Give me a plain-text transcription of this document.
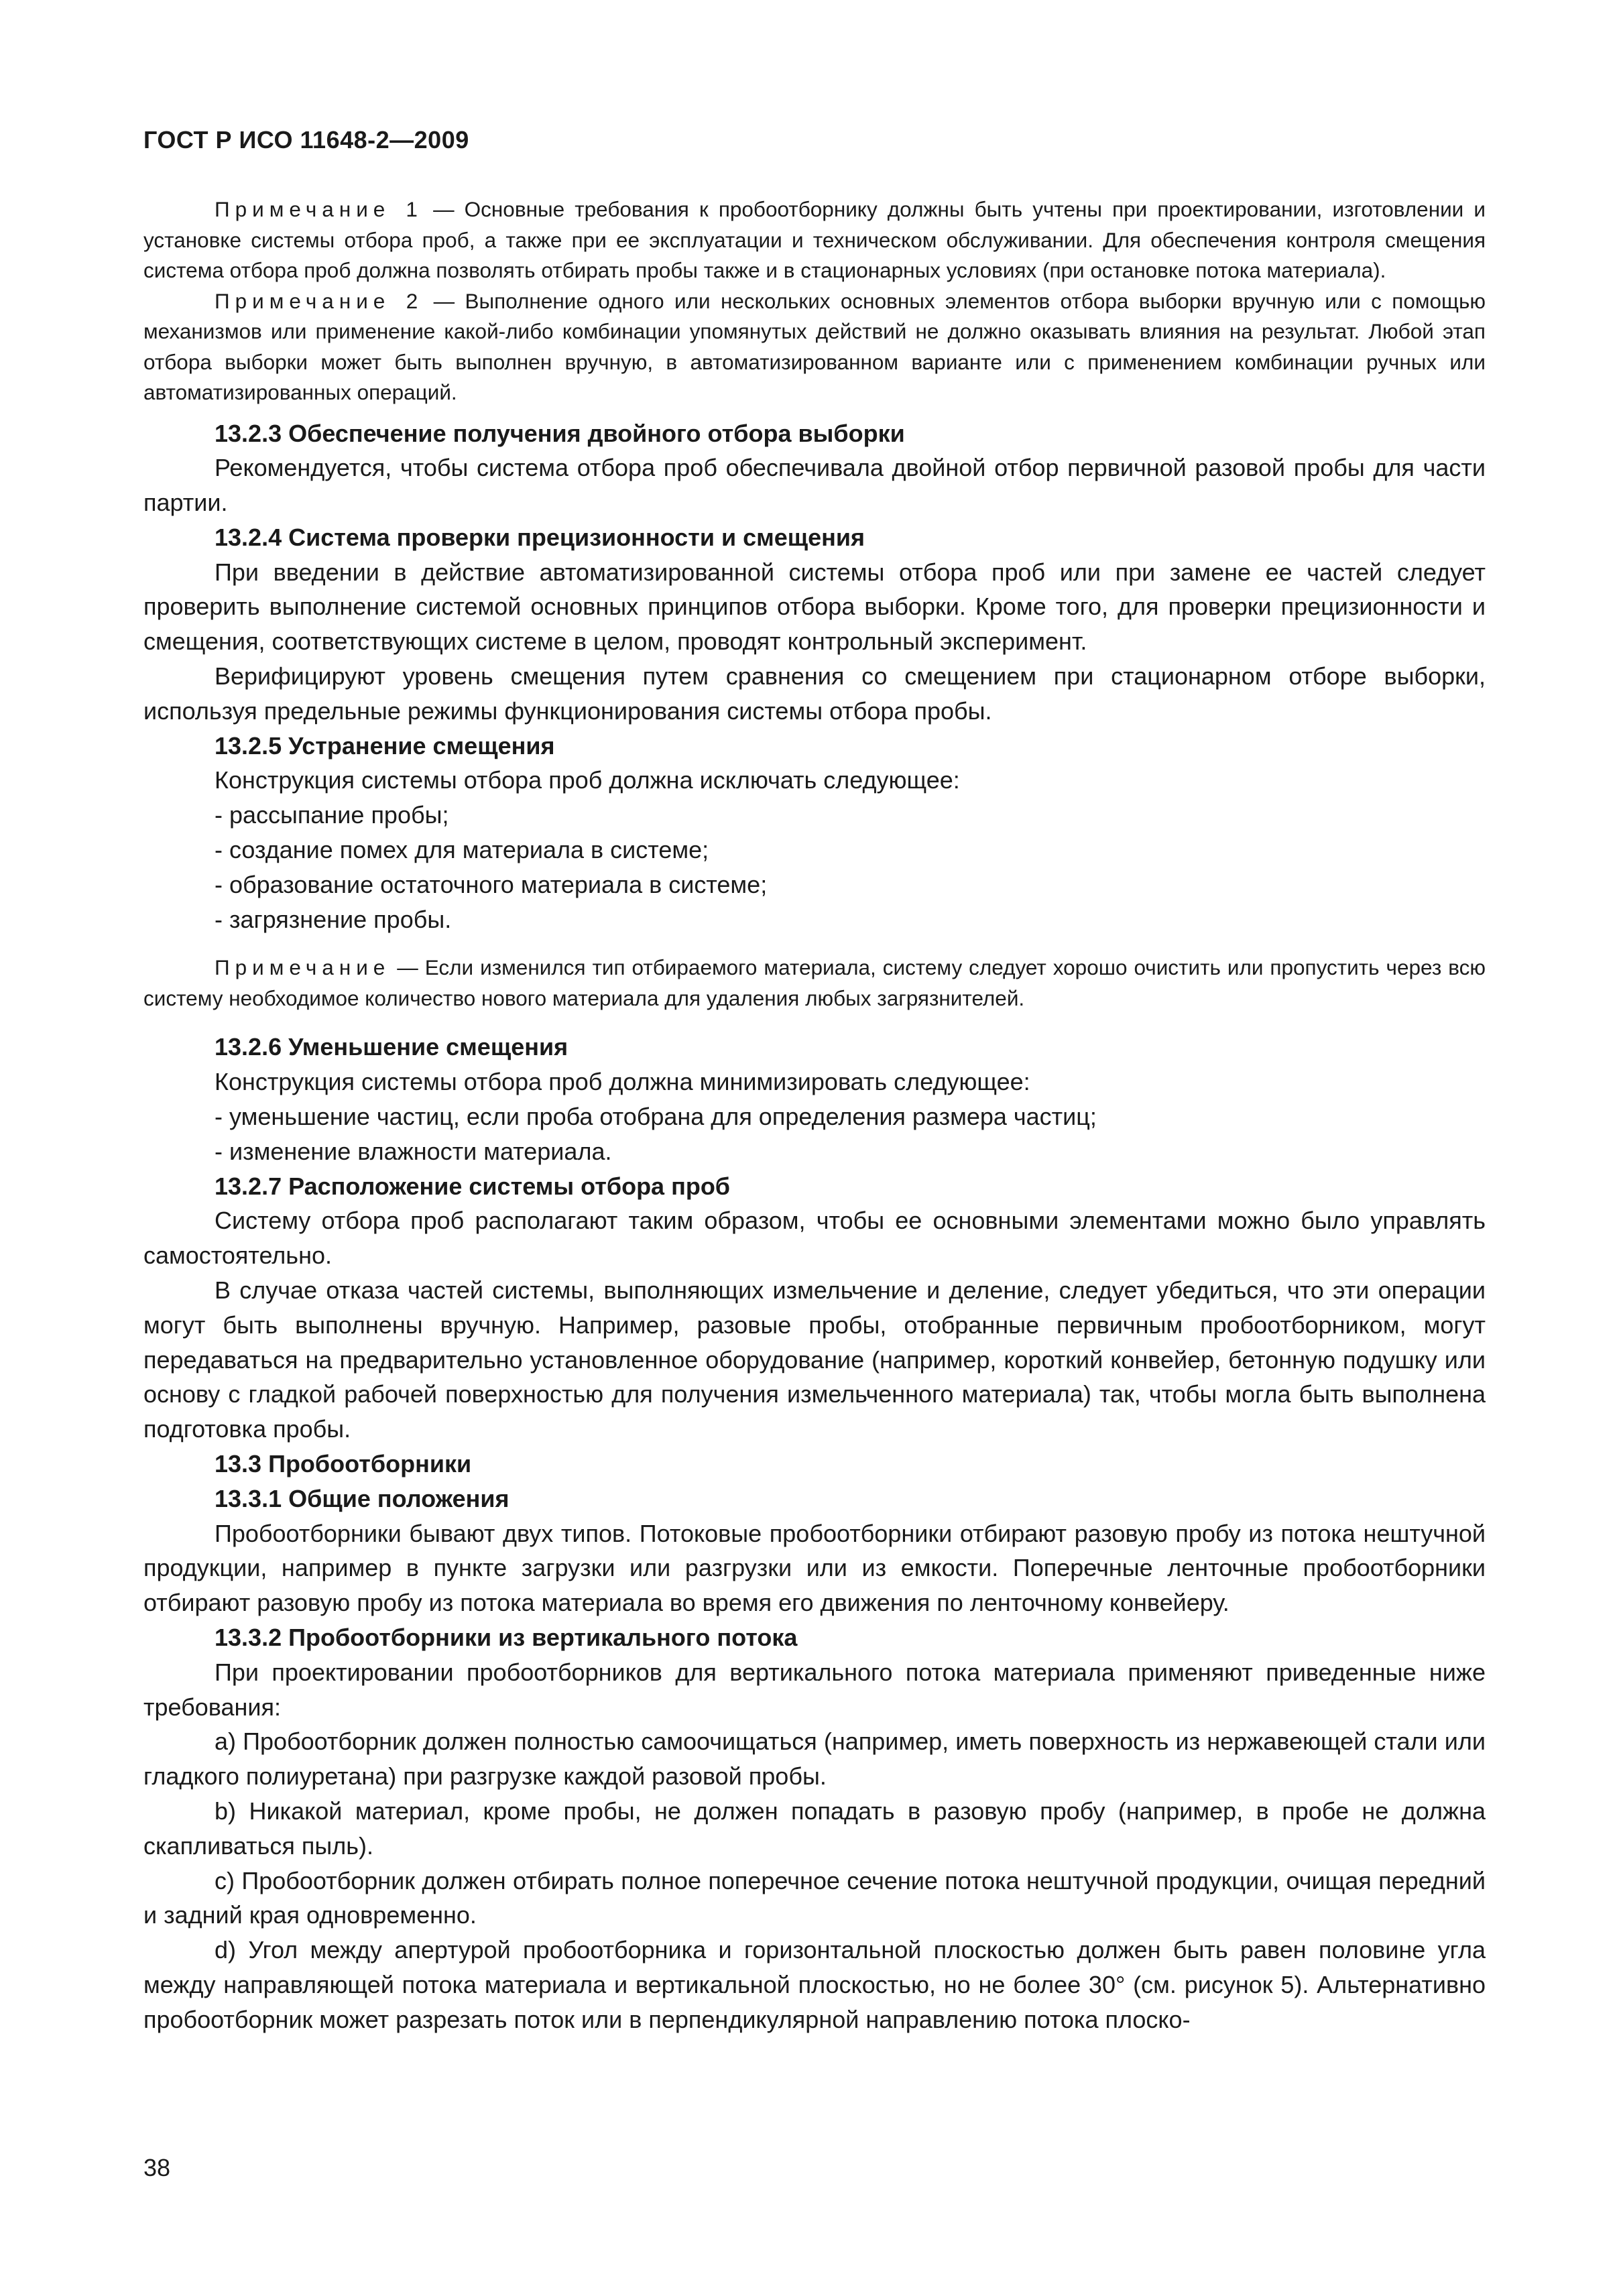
ГОСТ Р ИСО 11648-2—2009

Примечание 1 — Основные требования к пробоотборнику должны быть учтены при проектировании, изготовлении и установке системы отбора проб, а также при ее эксплуатации и техническом обслуживании. Для обеспечения контроля смещения система отбора проб должна позволять отбирать пробы также и в стационарных условиях (при остановке потока материала).

Примечание 2 — Выполнение одного или нескольких основных элементов отбора выборки вручную или с помощью механизмов или применение какой-либо комбинации упомянутых действий не должно оказывать влияния на результат. Любой этап отбора выборки может быть выполнен вручную, в автоматизированном варианте или с применением комбинации ручных или автоматизированных операций.

13.2.3 Обеспечение получения двойного отбора выборки

Рекомендуется, чтобы система отбора проб обеспечивала двойной отбор первичной разовой пробы для части партии.

13.2.4 Система проверки прецизионности и смещения

При введении в действие автоматизированной системы отбора проб или при замене ее частей следует проверить выполнение системой основных принципов отбора выборки. Кроме того, для проверки прецизионности и смещения, соответствующих системе в целом, проводят контрольный эксперимент.

Верифицируют уровень смещения путем сравнения со смещением при стационарном отборе выборки, используя предельные режимы функционирования системы отбора пробы.

13.2.5 Устранение смещения

Конструкция системы отбора проб должна исключать следующее:

- рассыпание пробы;

- создание помех для материала в системе;

- образование остаточного материала в системе;

- загрязнение пробы.

Примечание — Если изменился тип отбираемого материала, систему следует хорошо очистить или пропустить через всю систему необходимое количество нового материала для удаления любых загрязнителей.

13.2.6 Уменьшение смещения

Конструкция системы отбора проб должна минимизировать следующее:

- уменьшение частиц, если проба отобрана для определения размера частиц;

- изменение влажности материала.

13.2.7 Расположение системы отбора проб

Систему отбора проб располагают таким образом, чтобы ее основными элементами можно было управлять самостоятельно.

В случае отказа частей системы, выполняющих измельчение и деление, следует убедиться, что эти операции могут быть выполнены вручную. Например, разовые пробы, отобранные первичным пробоотборником, могут передаваться на предварительно установленное оборудование (например, короткий конвейер, бетонную подушку или основу с гладкой рабочей поверхностью для получения измельченного материала) так, чтобы могла быть выполнена подготовка пробы.

13.3 Пробоотборники

13.3.1 Общие положения

Пробоотборники бывают двух типов. Потоковые пробоотборники отбирают разовую пробу из потока нештучной продукции, например в пункте загрузки или разгрузки или из емкости. Поперечные ленточные пробоотборники отбирают разовую пробу из потока материала во время его движения по ленточному конвейеру.

13.3.2 Пробоотборники из вертикального потока

При проектировании пробоотборников для вертикального потока материала применяют приведенные ниже требования:

a) Пробоотборник должен полностью самоочищаться (например, иметь поверхность из нержавеющей стали или гладкого полиуретана) при разгрузке каждой разовой пробы.

b) Никакой материал, кроме пробы, не должен попадать в разовую пробу (например, в пробе не должна скапливаться пыль).

c) Пробоотборник должен отбирать полное поперечное сечение потока нештучной продукции, очищая передний и задний края одновременно.

d) Угол между апертурой пробоотборника и горизонтальной плоскостью должен быть равен половине угла между направляющей потока материала и вертикальной плоскостью, но не более 30° (см. рисунок 5). Альтернативно пробоотборник может разрезать поток или в перпендикулярной направлению потока плоско-

38
